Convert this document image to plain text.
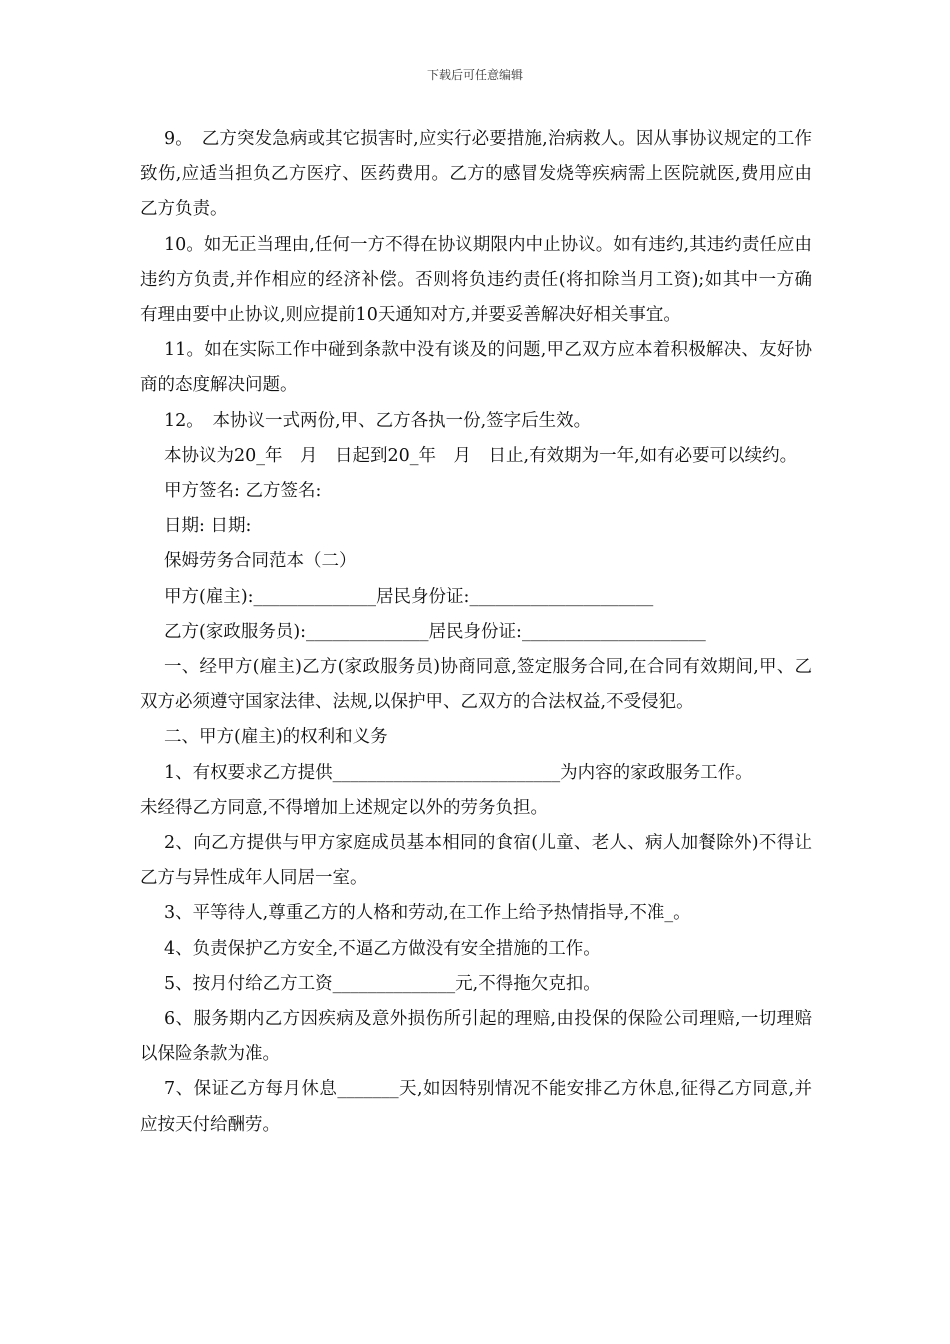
下载后可任意编辑

9。　乙方突发急病或其它损害时,应实行必要措施,治病救人。因从事协议规定的工作致伤,应适当担负乙方医疗、医药费用。乙方的感冒发烧等疾病需上医院就医,费用应由乙方负责。

10。如无正当理由,任何一方不得在协议期限内中止协议。如有违约,其违约责任应由违约方负责,并作相应的经济补偿。否则将负违约责任(将扣除当月工资);如其中一方确有理由要中止协议,则应提前10天通知对方,并要妥善解决好相关事宜。

11。如在实际工作中碰到条款中没有谈及的问题,甲乙双方应本着积极解决、友好协商的态度解决问题。

12。　本协议一式两份,甲、乙方各执一份,签字后生效。

本协议为20_年　月　日起到20_年　月　日止,有效期为一年,如有必要可以续约。

甲方签名: 乙方签名:

日期: 日期:

保姆劳务合同范本（二）

甲方(雇主):______________居民身份证:_____________________

乙方(家政服务员):______________居民身份证:_____________________

一、经甲方(雇主)乙方(家政服务员)协商同意,签定服务合同,在合同有效期间,甲、乙双方必须遵守国家法律、法规,以保护甲、乙双方的合法权益,不受侵犯。

二、甲方(雇主)的权利和义务

1、有权要求乙方提供__________________________为内容的家政服务工作。

未经得乙方同意,不得增加上述规定以外的劳务负担。

2、向乙方提供与甲方家庭成员基本相同的食宿(儿童、老人、病人加餐除外)不得让乙方与异性成年人同居一室。

3、平等待人,尊重乙方的人格和劳动,在工作上给予热情指导,不准_。

4、负责保护乙方安全,不逼乙方做没有安全措施的工作。

5、按月付给乙方工资______________元,不得拖欠克扣。

6、服务期内乙方因疾病及意外损伤所引起的理赔,由投保的保险公司理赔,一切理赔以保险条款为准。

7、保证乙方每月休息_______天,如因特别情况不能安排乙方休息,征得乙方同意,并应按天付给酬劳。
